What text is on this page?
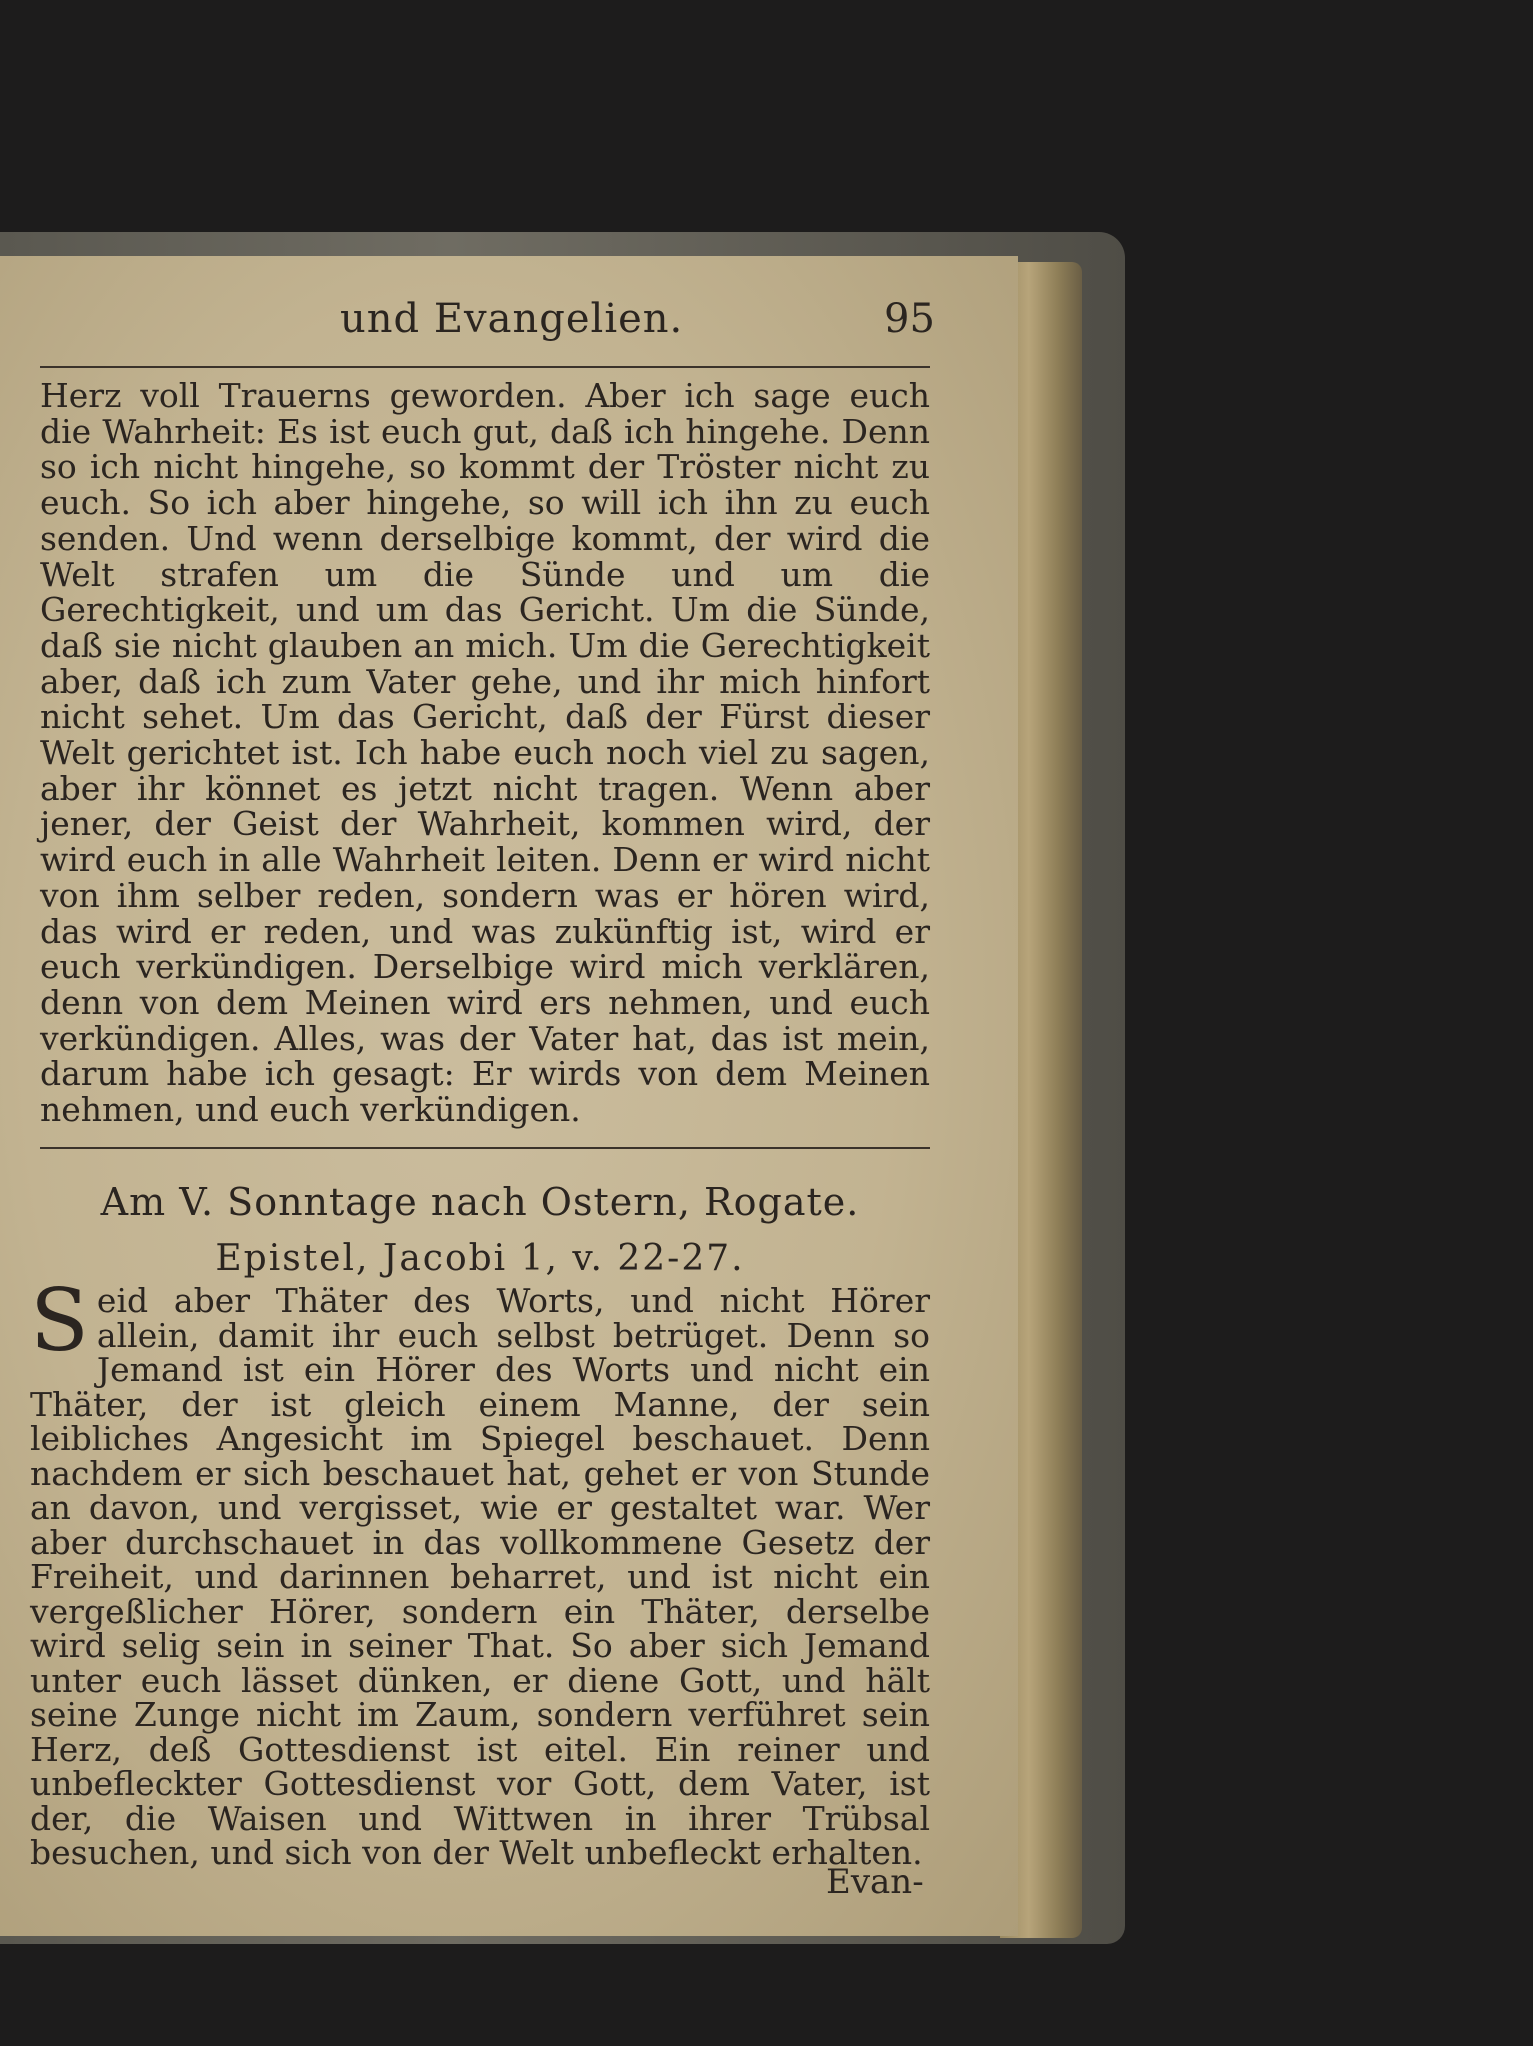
und Evangelien.	95

Herz voll Trauerns geworden. Aber ich sage euch die Wahrheit: Es ist euch gut, daß ich hingehe. Denn so ich nicht hingehe, so kommt der Tröster nicht zu euch. So ich aber hingehe, so will ich ihn zu euch senden. Und wenn derselbige kommt, der wird die Welt strafen um die Sünde und um die Gerechtigkeit, und um das Gericht. Um die Sünde, daß sie nicht glauben an mich. Um die Gerechtigkeit aber, daß ich zum Vater gehe, und ihr mich hinfort nicht sehet. Um das Gericht, daß der Fürst dieser Welt gerichtet ist. Ich habe euch noch viel zu sagen, aber ihr könnet es jetzt nicht tragen. Wenn aber jener, der Geist der Wahrheit, kommen wird, der wird euch in alle Wahrheit leiten. Denn er wird nicht von ihm selber reden, sondern was er hören wird, das wird er reden, und was zukünftig ist, wird er euch verkündigen. Derselbige wird mich verklären, denn von dem Meinen wird ers nehmen, und euch verkündigen. Alles, was der Vater hat, das ist mein, darum habe ich gesagt: Er wirds von dem Meinen nehmen, und euch verkündigen.

Am V. Sonntage nach Ostern, Rogate.
Epistel, Jacobi 1, v. 22-27.

S eid aber Thäter des Worts, und nicht Hörer allein, damit ihr euch selbst betrüget. Denn so Jemand ist ein Hörer des Worts und nicht ein Thäter, der ist gleich einem Manne, der sein leibliches Angesicht im Spiegel beschauet. Denn nachdem er sich beschauet hat, gehet er von Stunde an davon, und vergisset, wie er gestaltet war. Wer aber durchschauet in das vollkommene Gesetz der Freiheit, und darinnen beharret, und ist nicht ein vergeßlicher Hörer, sondern ein Thäter, derselbe wird selig sein in seiner That. So aber sich Jemand unter euch lässet dünken, er diene Gott, und hält seine Zunge nicht im Zaum, sondern verführet sein Herz, deß Gottesdienst ist eitel. Ein reiner und unbefleckter Gottesdienst vor Gott, dem Vater, ist der, die Waisen und Wittwen in ihrer Trübsal besuchen, und sich von der Welt unbefleckt erhalten.

Evan-
